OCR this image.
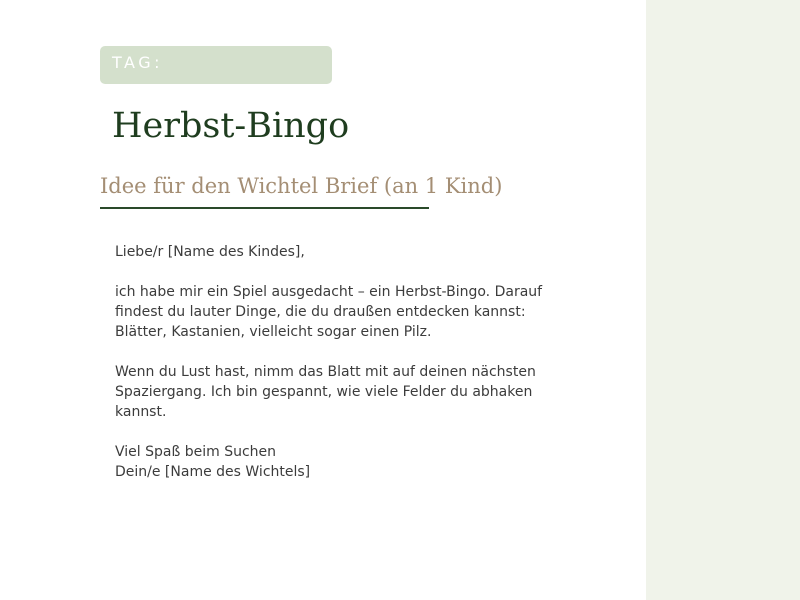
TAG:
Herbst-Bingo
Idee für den Wichtel Brief (an 1 Kind)

Liebe/r [Name des Kindes],

ich habe mir ein Spiel ausgedacht – ein Herbst-Bingo. Darauf
findest du lauter Dinge, die du draußen entdecken kannst:
Blätter, Kastanien, vielleicht sogar einen Pilz.

Wenn du Lust hast, nimm das Blatt mit auf deinen nächsten
Spaziergang. Ich bin gespannt, wie viele Felder du abhaken
kannst.

Viel Spaß beim Suchen
Dein/e [Name des Wichtels]
